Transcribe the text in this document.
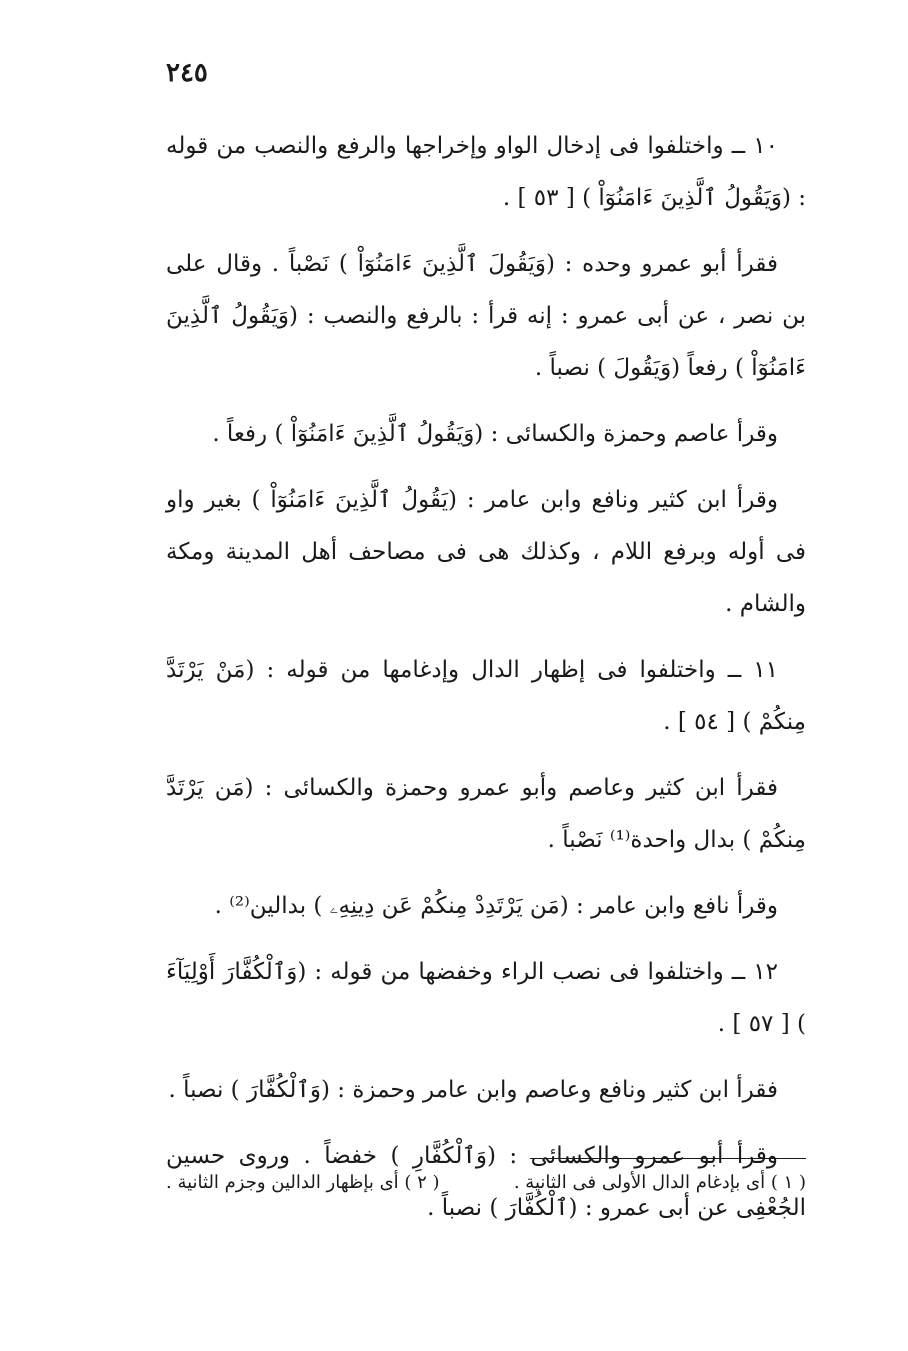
٢٤٥

١٠ ــ واختلفوا فى إدخال الواو وإخراجها والرفع والنصب من قوله : (وَيَقُولُ ٱلَّذِينَ ءَامَنُوٓاْ ) [ ٥٣ ] .

فقرأ أبو عمرو وحده : (وَيَقُولَ ٱلَّذِينَ ءَامَنُوٓاْ ) نَصْباً . وقال على بن نصر ، عن أبى عمرو : إنه قرأ : بالرفع والنصب : (وَيَقُولُ ٱلَّذِينَ ءَامَنُوٓاْ ) رفعاً (وَيَقُولَ ) نصباً .

وقرأ عاصم وحمزة والكسائى : (وَيَقُولُ ٱلَّذِينَ ءَامَنُوٓاْ ) رفعاً .

وقرأ ابن كثير ونافع وابن عامر : (يَقُولُ ٱلَّذِينَ ءَامَنُوٓاْ ) بغير واو فى أوله وبرفع اللام ، وكذلك هى فى مصاحف أهل المدينة ومكة والشام .

١١ ــ واختلفوا فى إظهار الدال وإدغامها من قوله : (مَنْ يَرْتَدَّ مِنكُمْ ) [ ٥٤ ] .

فقرأ ابن كثير وعاصم وأبو عمرو وحمزة والكسائى : (مَن يَرْتَدَّ مِنكُمْ ) بدال واحدة⁽¹⁾ نَصْباً .

وقرأ نافع وابن عامر : (مَن يَرْتَدِدْ مِنكُمْ عَن دِينِهِۦ ) بدالين⁽²⁾ .

١٢ ــ واختلفوا فى نصب الراء وخفضها من قوله : (وَٱلْكُفَّارَ أَوْلِيَآءَ ) [ ٥٧ ] .

فقرأ ابن كثير ونافع وعاصم وابن عامر وحمزة : (وَٱلْكُفَّارَ ) نصباً .

وقرأ أبو عمرو والكسائى : (وَٱلْكُفَّارِ ) خفضاً . وروى حسين الجُعْفِى عن أبى عمرو : (ٱلْكُفَّارَ ) نصباً .

( ١ ) أى بإدغام الدال الأولى فى الثانية .
( ٢ ) أى بإظهار الدالين وجزم الثانية .
